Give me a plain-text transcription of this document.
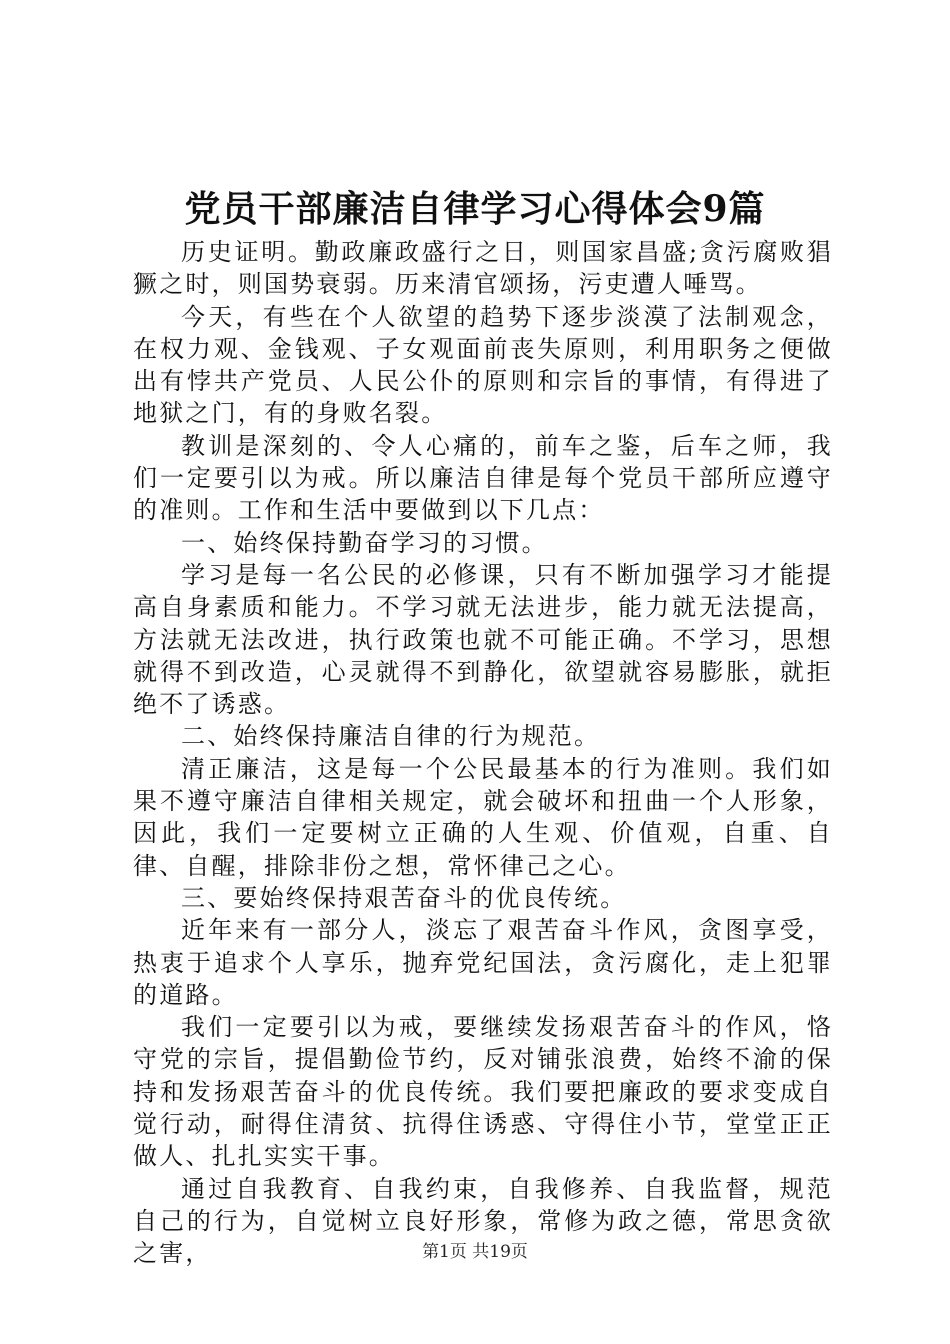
党员干部廉洁自律学习心得体会9篇

历史证明。勤政廉政盛行之日，则国家昌盛;贪污腐败猖獗之时，则国势衰弱。历来清官颂扬，污吏遭人唾骂。

今天，有些在个人欲望的趋势下逐步淡漠了法制观念，在权力观、金钱观、子女观面前丧失原则，利用职务之便做出有悖共产党员、人民公仆的原则和宗旨的事情，有得进了地狱之门，有的身败名裂。

教训是深刻的、令人心痛的，前车之鉴，后车之师，我们一定要引以为戒。所以廉洁自律是每个党员干部所应遵守的准则。工作和生活中要做到以下几点：

一、始终保持勤奋学习的习惯。

学习是每一名公民的必修课，只有不断加强学习才能提高自身素质和能力。不学习就无法进步，能力就无法提高，方法就无法改进，执行政策也就不可能正确。不学习，思想就得不到改造，心灵就得不到静化，欲望就容易膨胀，就拒绝不了诱惑。

二、始终保持廉洁自律的行为规范。

清正廉洁，这是每一个公民最基本的行为准则。我们如果不遵守廉洁自律相关规定，就会破坏和扭曲一个人形象，因此，我们一定要树立正确的人生观、价值观，自重、自律、自醒，排除非份之想，常怀律己之心。

三、要始终保持艰苦奋斗的优良传统。

近年来有一部分人，淡忘了艰苦奋斗作风，贪图享受，热衷于追求个人享乐，抛弃党纪国法，贪污腐化，走上犯罪的道路。

我们一定要引以为戒，要继续发扬艰苦奋斗的作风，恪守党的宗旨，提倡勤俭节约，反对铺张浪费，始终不渝的保持和发扬艰苦奋斗的优良传统。我们要把廉政的要求变成自觉行动，耐得住清贫、抗得住诱惑、守得住小节，堂堂正正做人、扎扎实实干事。

通过自我教育、自我约束，自我修养、自我监督，规范自己的行为，自觉树立良好形象，常修为政之德，常思贪欲之害，	第1页 共19页
